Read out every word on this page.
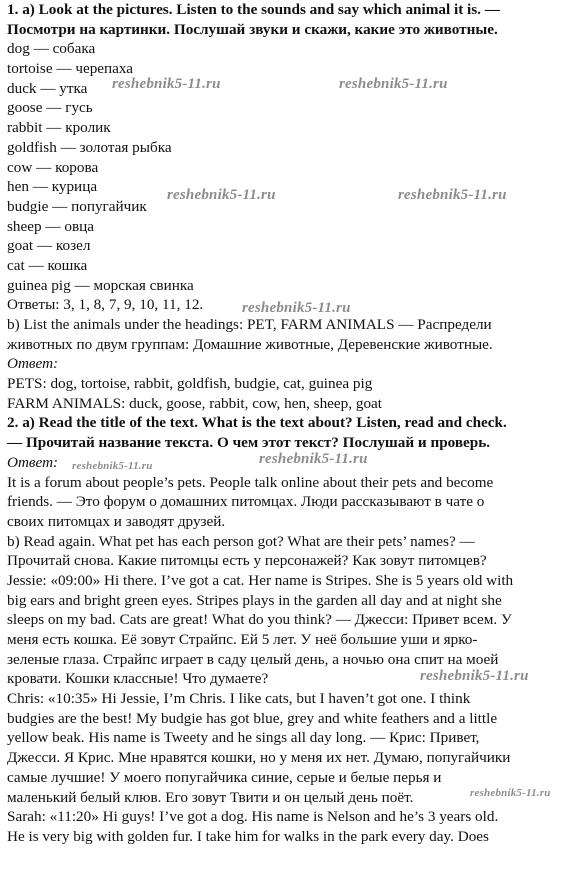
1. a) Look at the pictures. Listen to the sounds and say which animal it is. —
Посмотри на картинки. Послушай звуки и скажи, какие это животные.
dog — собака
tortoise — черепаха
duck — утка
goose — гусь
rabbit — кролик
goldfish — золотая рыбка
cow — корова
hen — курица
budgie — попугайчик
sheep — овца
goat — козел
cat — кошка
guinea pig — морская свинка
Ответы: 3, 1, 8, 7, 9, 10, 11, 12.
b) List the animals under the headings: PET, FARM ANIMALS — Распредели
животных по двум группам: Домашние животные, Деревенские животные.
Ответ:
PETS: dog, tortoise, rabbit, goldfish, budgie, cat, guinea pig
FARM ANIMALS: duck, goose, rabbit, cow, hen, sheep, goat
2. a) Read the title of the text. What is the text about? Listen, read and check.
— Прочитай название текста. О чем этот текст? Послушай и проверь.
Ответ:
It is a forum about people’s pets. People talk online about their pets and become
friends. — Это форум о домашних питомцах. Люди рассказывают в чате о
своих питомцах и заводят друзей.
b) Read again. What pet has each person got? What are their pets’ names? —
Прочитай снова. Какие питомцы есть у персонажей? Как зовут питомцев?
Jessie: «09:00» Hi there. I’ve got a cat. Her name is Stripes. She is 5 years old with
big ears and bright green eyes. Stripes plays in the garden all day and at night she
sleeps on my bad. Cats are great! What do you think? — Джесси: Привет всем. У
меня есть кошка. Её зовут Страйпс. Ей 5 лет. У неё большие уши и ярко-
зеленые глаза. Страйпс играет в саду целый день, а ночью она спит на моей
кровати. Кошки классные! Что думаете?
Chris: «10:35» Hi Jessie, I’m Chris. I like cats, but I haven’t got one. I think
budgies are the best! My budgie has got blue, grey and white feathers and a little
yellow beak. His name is Tweety and he sings all day long. — Крис: Привет,
Джесси. Я Крис. Мне нравятся кошки, но у меня их нет. Думаю, попугайчики
самые лучшие! У моего попугайчика синие, серые и белые перья и
маленький белый клюв. Его зовут Твити и он целый день поёт.
Sarah: «11:20» Hi guys! I’ve got a dog. His name is Nelson and he’s 3 years old.
He is very big with golden fur. I take him for walks in the park every day. Does
reshebnik5-11.ru	reshebnik5-11.ru
reshebnik5-11.ru	reshebnik5-11.ru
reshebnik5-11.ru
reshebnik5-11.ru	reshebnik5-11.ru
reshebnik5-11.ru
reshebnik5-11.ru
